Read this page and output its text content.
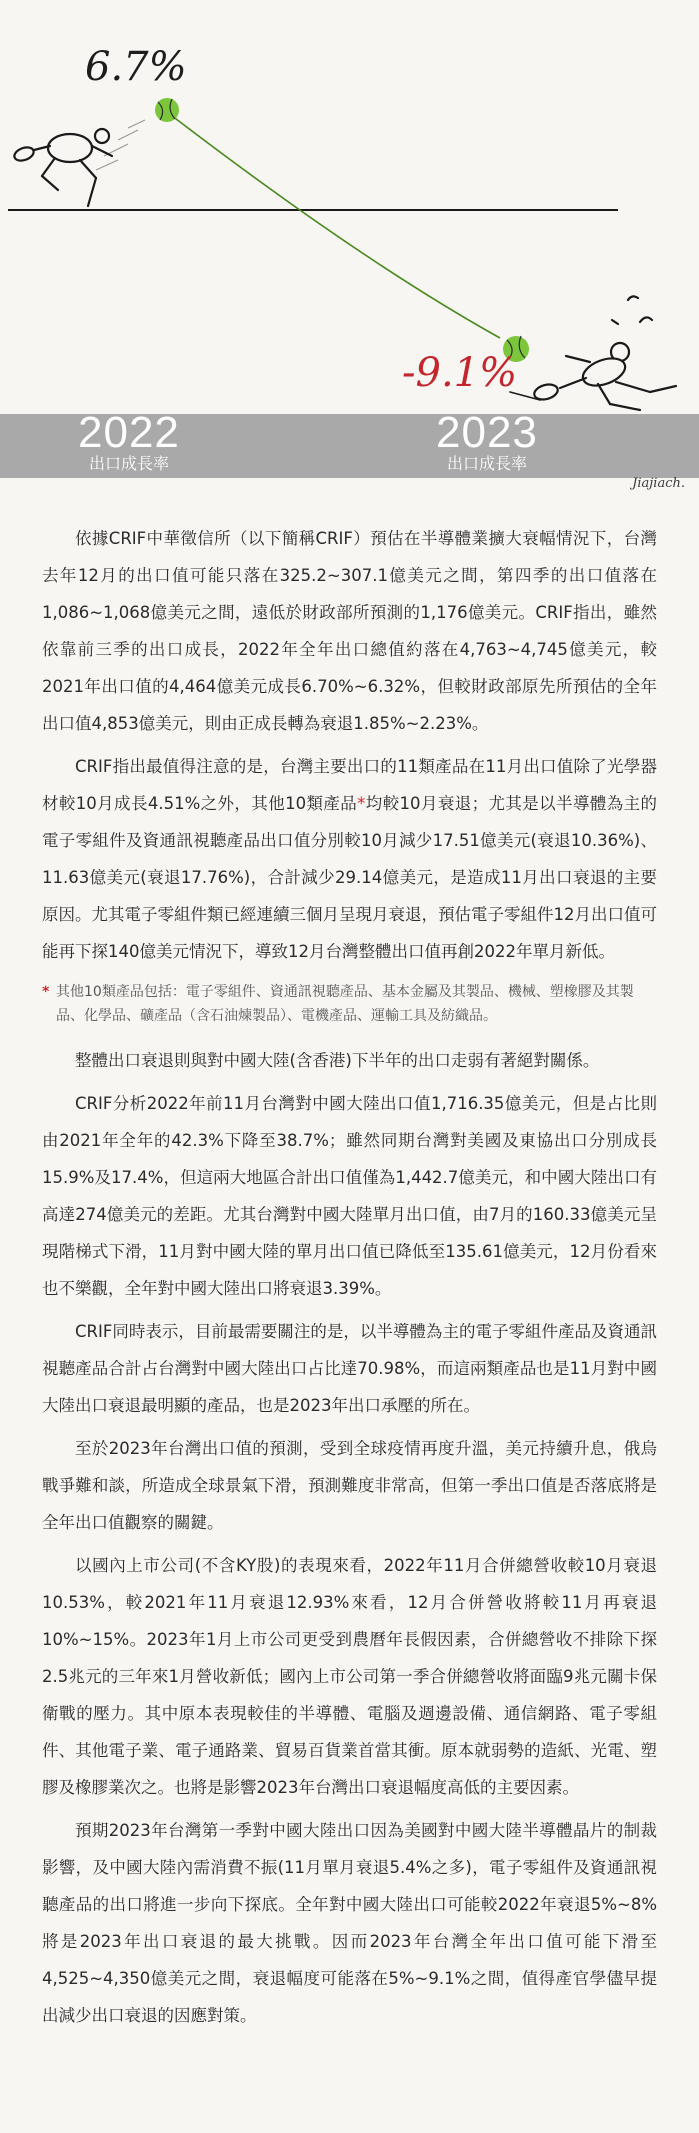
6.7%
-9.1%
2022
出口成長率
2023
出口成長率
Jiajiach.

依據CRIF中華徵信所（以下簡稱CRIF）預估在半導體業擴大衰幅情況下，台灣去年12月的出口值可能只落在325.2~307.1億美元之間，第四季的出口值落在1,086~1,068億美元之間，遠低於財政部所預測的1,176億美元。CRIF指出，雖然依靠前三季的出口成長，2022年全年出口總值約落在4,763~4,745億美元，較2021年出口值的4,464億美元成長6.70%~6.32%，但較財政部原先所預估的全年出口值4,853億美元，則由正成長轉為衰退1.85%~2.23%。

CRIF指出最值得注意的是，台灣主要出口的11類產品在11月出口值除了光學器材較10月成長4.51%之外，其他10類產品*均較10月衰退；尤其是以半導體為主的電子零組件及資通訊視聽產品出口值分別較10月減少17.51億美元(衰退10.36%)、11.63億美元(衰退17.76%)，合計減少29.14億美元，是造成11月出口衰退的主要原因。尤其電子零組件類已經連續三個月呈現月衰退，預估電子零組件12月出口值可能再下探140億美元情況下，導致12月台灣整體出口值再創2022年單月新低。

* 其他10類產品包括：電子零組件、資通訊視聽產品、基本金屬及其製品、機械、塑橡膠及其製品、化學品、礦產品（含石油煉製品）、電機產品、運輸工具及紡織品。

整體出口衰退則與對中國大陸(含香港)下半年的出口走弱有著絕對關係。

CRIF分析2022年前11月台灣對中國大陸出口值1,716.35億美元，但是占比則由2021年全年的42.3%下降至38.7%；雖然同期台灣對美國及東協出口分別成長15.9%及17.4%，但這兩大地區合計出口值僅為1,442.7億美元，和中國大陸出口有高達274億美元的差距。尤其台灣對中國大陸單月出口值，由7月的160.33億美元呈現階梯式下滑，11月對中國大陸的單月出口值已降低至135.61億美元，12月份看來也不樂觀，全年對中國大陸出口將衰退3.39%。

CRIF同時表示，目前最需要關注的是，以半導體為主的電子零組件產品及資通訊視聽產品合計占台灣對中國大陸出口占比達70.98%，而這兩類產品也是11月對中國大陸出口衰退最明顯的產品，也是2023年出口承壓的所在。

至於2023年台灣出口值的預測，受到全球疫情再度升溫，美元持續升息，俄烏戰爭難和談，所造成全球景氣下滑，預測難度非常高，但第一季出口值是否落底將是全年出口值觀察的關鍵。

以國內上市公司(不含KY股)的表現來看，2022年11月合併總營收較10月衰退10.53%，較2021年11月衰退12.93%來看，12月合併營收將較11月再衰退10%~15%。2023年1月上市公司更受到農曆年長假因素，合併總營收不排除下探2.5兆元的三年來1月營收新低；國內上市公司第一季合併總營收將面臨9兆元關卡保衛戰的壓力。其中原本表現較佳的半導體、電腦及週邊設備、通信網路、電子零組件、其他電子業、電子通路業、貿易百貨業首當其衝。原本就弱勢的造紙、光電、塑膠及橡膠業次之。也將是影響2023年台灣出口衰退幅度高低的主要因素。

預期2023年台灣第一季對中國大陸出口因為美國對中國大陸半導體晶片的制裁影響，及中國大陸內需消費不振(11月單月衰退5.4%之多)，電子零組件及資通訊視聽產品的出口將進一步向下探底。全年對中國大陸出口可能較2022年衰退5%~8%將是2023年出口衰退的最大挑戰。因而2023年台灣全年出口值可能下滑至4,525~4,350億美元之間，衰退幅度可能落在5%~9.1%之間，值得產官學儘早提出減少出口衰退的因應對策。
